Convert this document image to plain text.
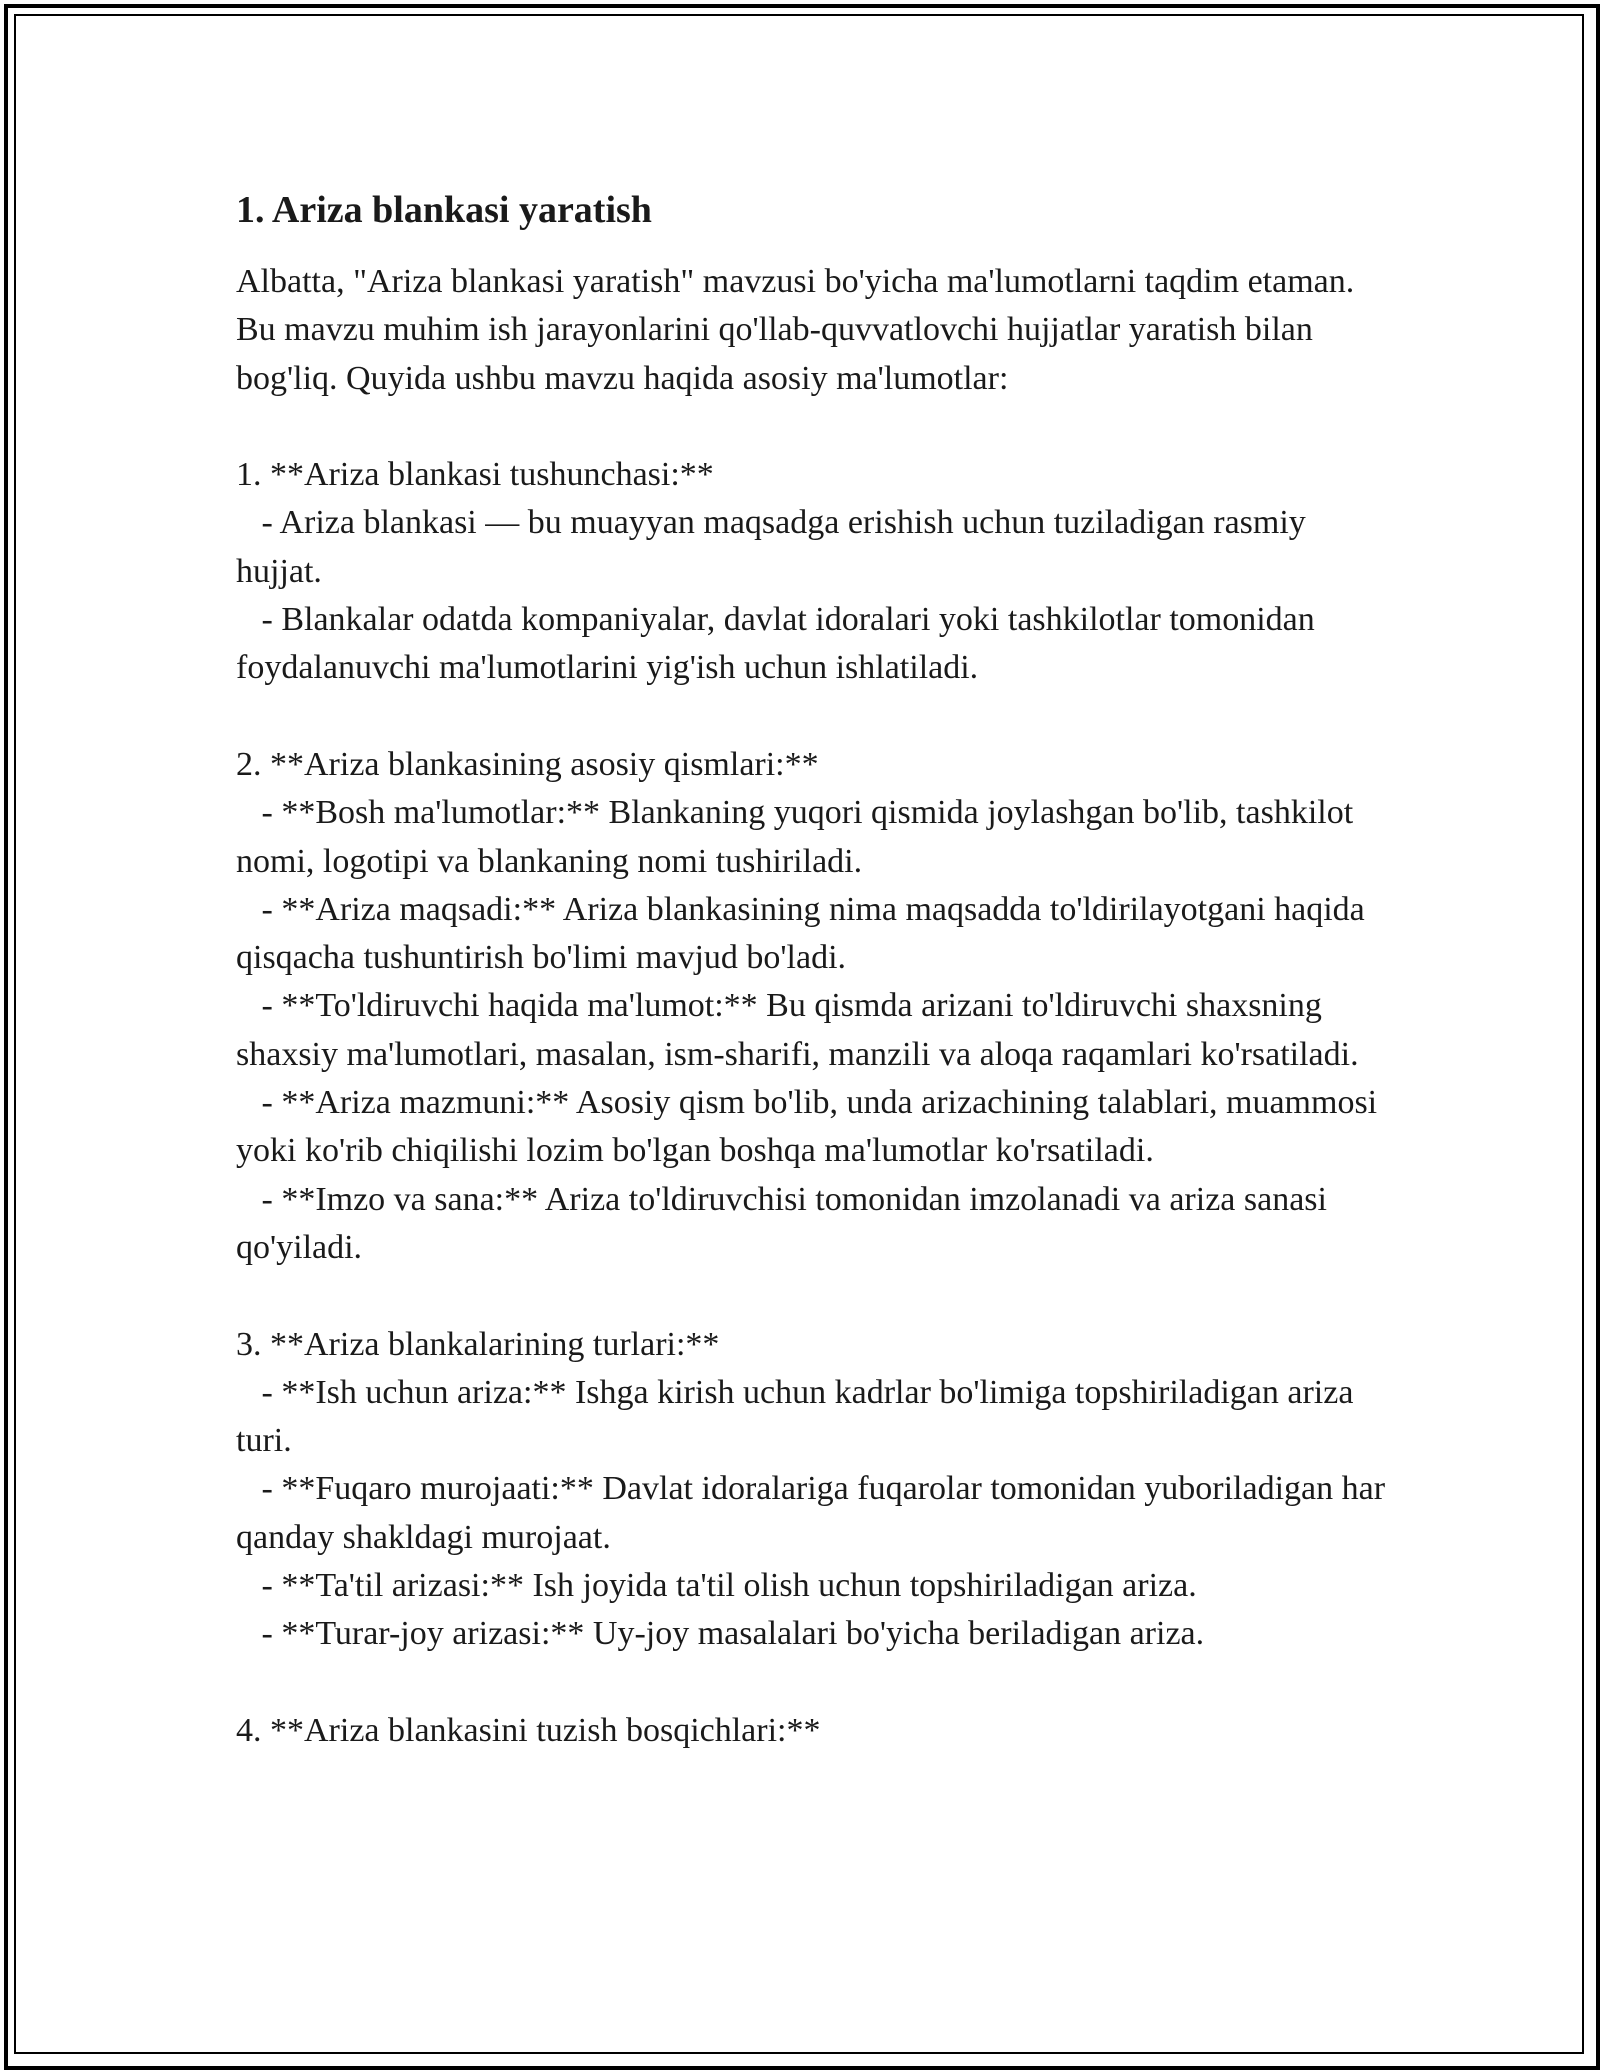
1. Ariza blankasi yaratish
Albatta, "Ariza blankasi yaratish" mavzusi bo'yicha ma'lumotlarni taqdim etaman. Bu mavzu muhim ish jarayonlarini qo'llab-quvvatlovchi hujjatlar yaratish bilan bog'liq. Quyida ushbu mavzu haqida asosiy ma'lumotlar:

1. **Ariza blankasi tushunchasi:**
- Ariza blankasi — bu muayyan maqsadga erishish uchun tuziladigan rasmiy hujjat.
- Blankalar odatda kompaniyalar, davlat idoralari yoki tashkilotlar tomonidan foydalanuvchi ma'lumotlarini yig'ish uchun ishlatiladi.

2. **Ariza blankasining asosiy qismlari:**
- **Bosh ma'lumotlar:** Blankaning yuqori qismida joylashgan bo'lib, tashkilot nomi, logotipi va blankaning nomi tushiriladi.
- **Ariza maqsadi:** Ariza blankasining nima maqsadda to'ldirilayotgani haqida qisqacha tushuntirish bo'limi mavjud bo'ladi.
- **To'ldiruvchi haqida ma'lumot:** Bu qismda arizani to'ldiruvchi shaxsning shaxsiy ma'lumotlari, masalan, ism-sharifi, manzili va aloqa raqamlari ko'rsatiladi.
- **Ariza mazmuni:** Asosiy qism bo'lib, unda arizachining talablari, muammosi yoki ko'rib chiqilishi lozim bo'lgan boshqa ma'lumotlar ko'rsatiladi.
- **Imzo va sana:** Ariza to'ldiruvchisi tomonidan imzolanadi va ariza sanasi qo'yiladi.

3. **Ariza blankalarining turlari:**
- **Ish uchun ariza:** Ishga kirish uchun kadrlar bo'limiga topshiriladigan ariza turi.
- **Fuqaro murojaati:** Davlat idoralariga fuqarolar tomonidan yuboriladigan har qanday shakldagi murojaat.
- **Ta'til arizasi:** Ish joyida ta'til olish uchun topshiriladigan ariza.
- **Turar-joy arizasi:** Uy-joy masalalari bo'yicha beriladigan ariza.

4. **Ariza blankasini tuzish bosqichlari:**
